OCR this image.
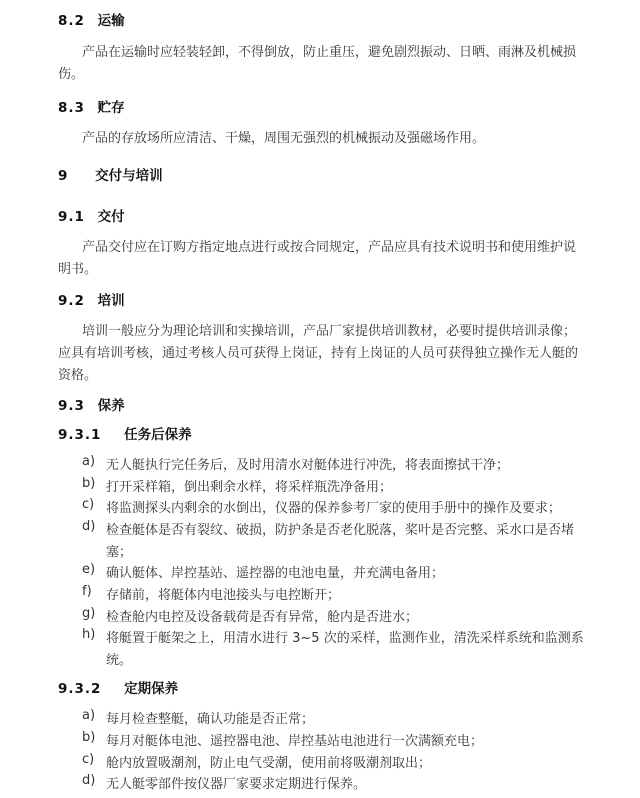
8.2 运输
产品在运输时应轻装轻卸，不得倒放，防止重压，避免剧烈振动、日晒、雨淋及机械损
伤。
8.3 贮存
产品的存放场所应清洁、干燥，周围无强烈的机械振动及强磁场作用。
9 交付与培训
9.1 交付
产品交付应在订购方指定地点进行或按合同规定，产品应具有技术说明书和使用维护说
明书。
9.2 培训
培训一般应分为理论培训和实操培训，产品厂家提供培训教材，必要时提供培训录像；
应具有培训考核，通过考核人员可获得上岗证，持有上岗证的人员可获得独立操作无人艇的
资格。
9.3 保养
9.3.1 任务后保养
a) 无人艇执行完任务后，及时用清水对艇体进行冲洗，将表面擦拭干净；
b) 打开采样箱，倒出剩余水样，将采样瓶洗净备用；
c) 将监测探头内剩余的水倒出，仪器的保养参考厂家的使用手册中的操作及要求；
d) 检查艇体是否有裂纹、破损，防护条是否老化脱落，桨叶是否完整、采水口是否堵
塞；
e) 确认艇体、岸控基站、遥控器的电池电量，并充满电备用；
f) 存储前，将艇体内电池接头与电控断开；
g) 检查舱内电控及设备载荷是否有异常，舱内是否进水；
h) 将艇置于艇架之上，用清水进行 3~5 次的采样，监测作业，清洗采样系统和监测系
统。
9.3.2 定期保养
a) 每月检查整艇，确认功能是否正常；
b) 每月对艇体电池、遥控器电池、岸控基站电池进行一次满额充电；
c) 舱内放置吸潮剂，防止电气受潮，使用前将吸潮剂取出；
d) 无人艇零部件按仪器厂家要求定期进行保养。
